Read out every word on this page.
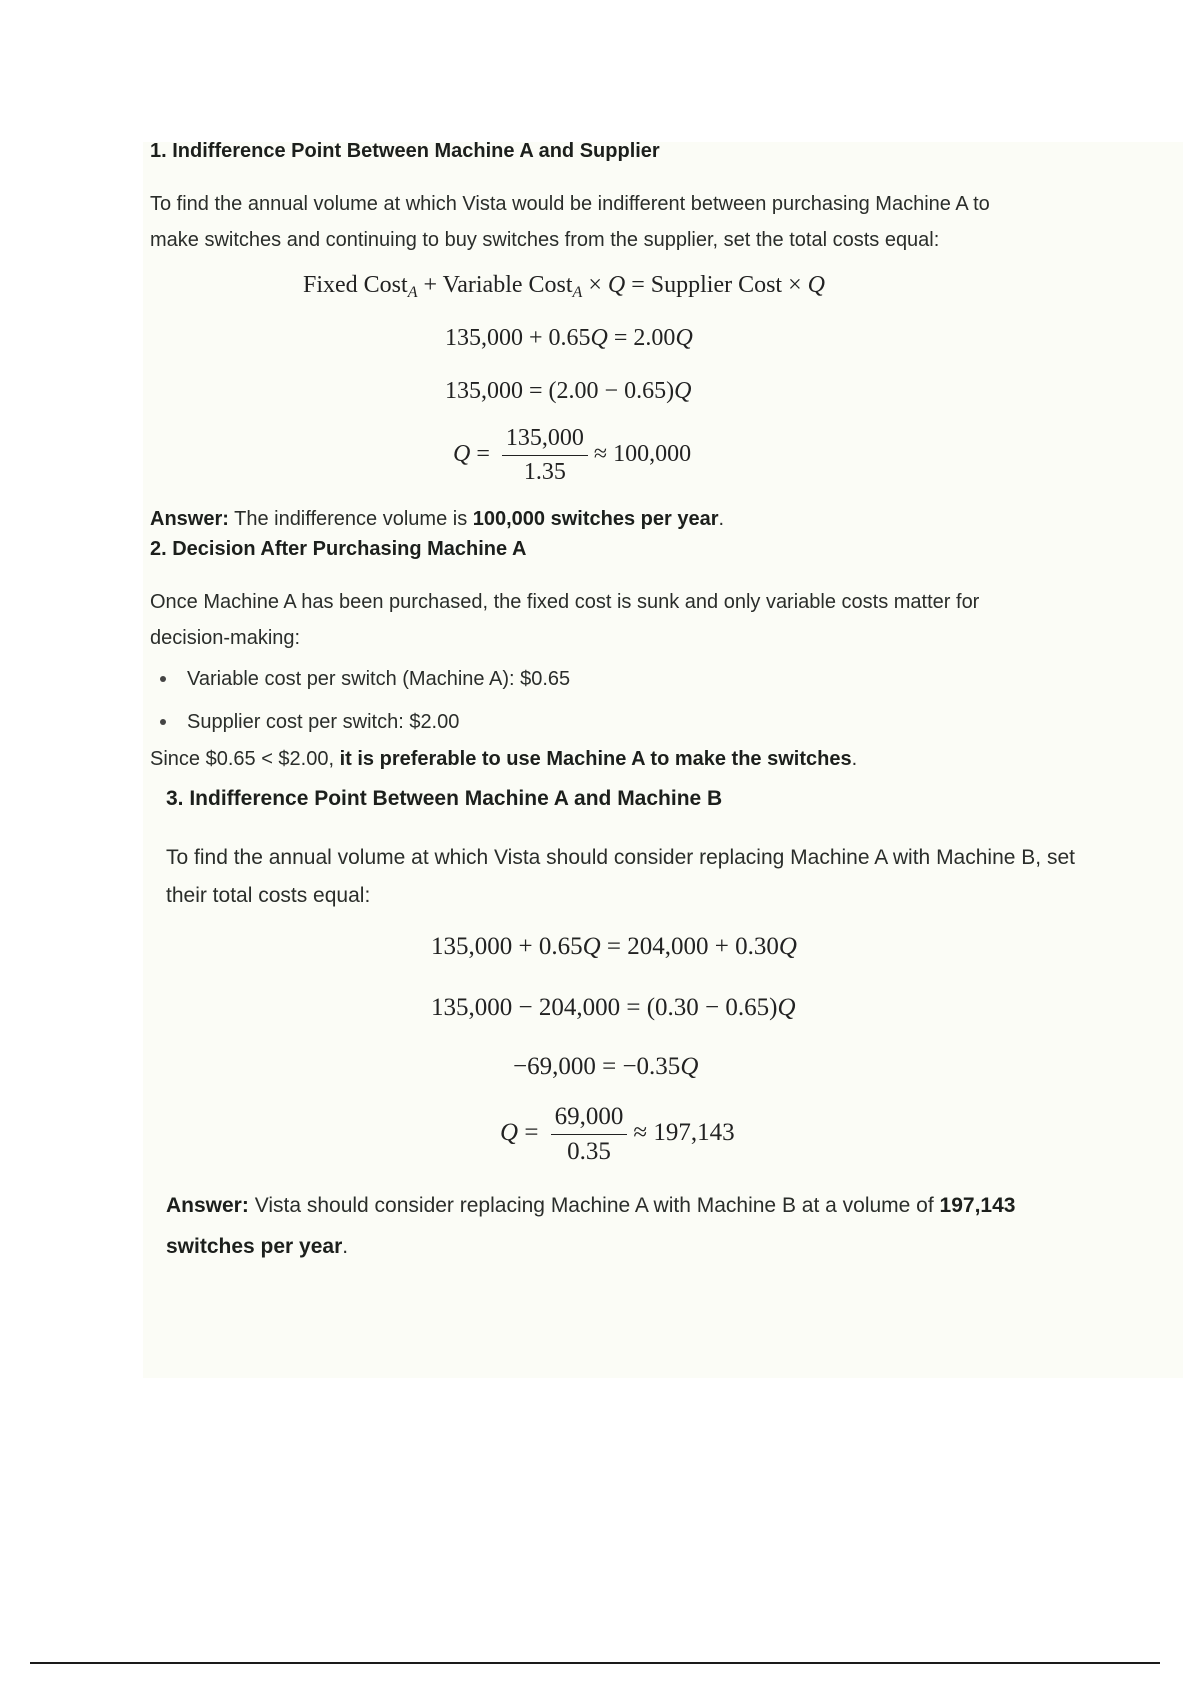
1. Indifference Point Between Machine A and Supplier
To find the annual volume at which Vista would be indifferent between purchasing Machine A to
make switches and continuing to buy switches from the supplier, set the total costs equal:
Fixed Cost$_A$ + Variable Cost$_A$ × Q = Supplier Cost × Q
135,000 + 0.65Q = 2.00Q
135,000 = (2.00 − 0.65)Q
$Q = \frac{135,000}{1.35} \approx 100,000$
Answer: The indifference volume is 100,000 switches per year.
2. Decision After Purchasing Machine A
Once Machine A has been purchased, the fixed cost is sunk and only variable costs matter for
decision-making:
Variable cost per switch (Machine A): $0.65
Supplier cost per switch: $2.00
Since $0.65 < $2.00, it is preferable to use Machine A to make the switches.
3. Indifference Point Between Machine A and Machine B
To find the annual volume at which Vista should consider replacing Machine A with Machine B, set
their total costs equal:
135,000 + 0.65Q = 204,000 + 0.30Q
135,000 − 204,000 = (0.30 − 0.65)Q
−69,000 = −0.35Q
$Q = \frac{69,000}{0.35} \approx 197,143$
Answer: Vista should consider replacing Machine A with Machine B at a volume of 197,143
switches per year.
